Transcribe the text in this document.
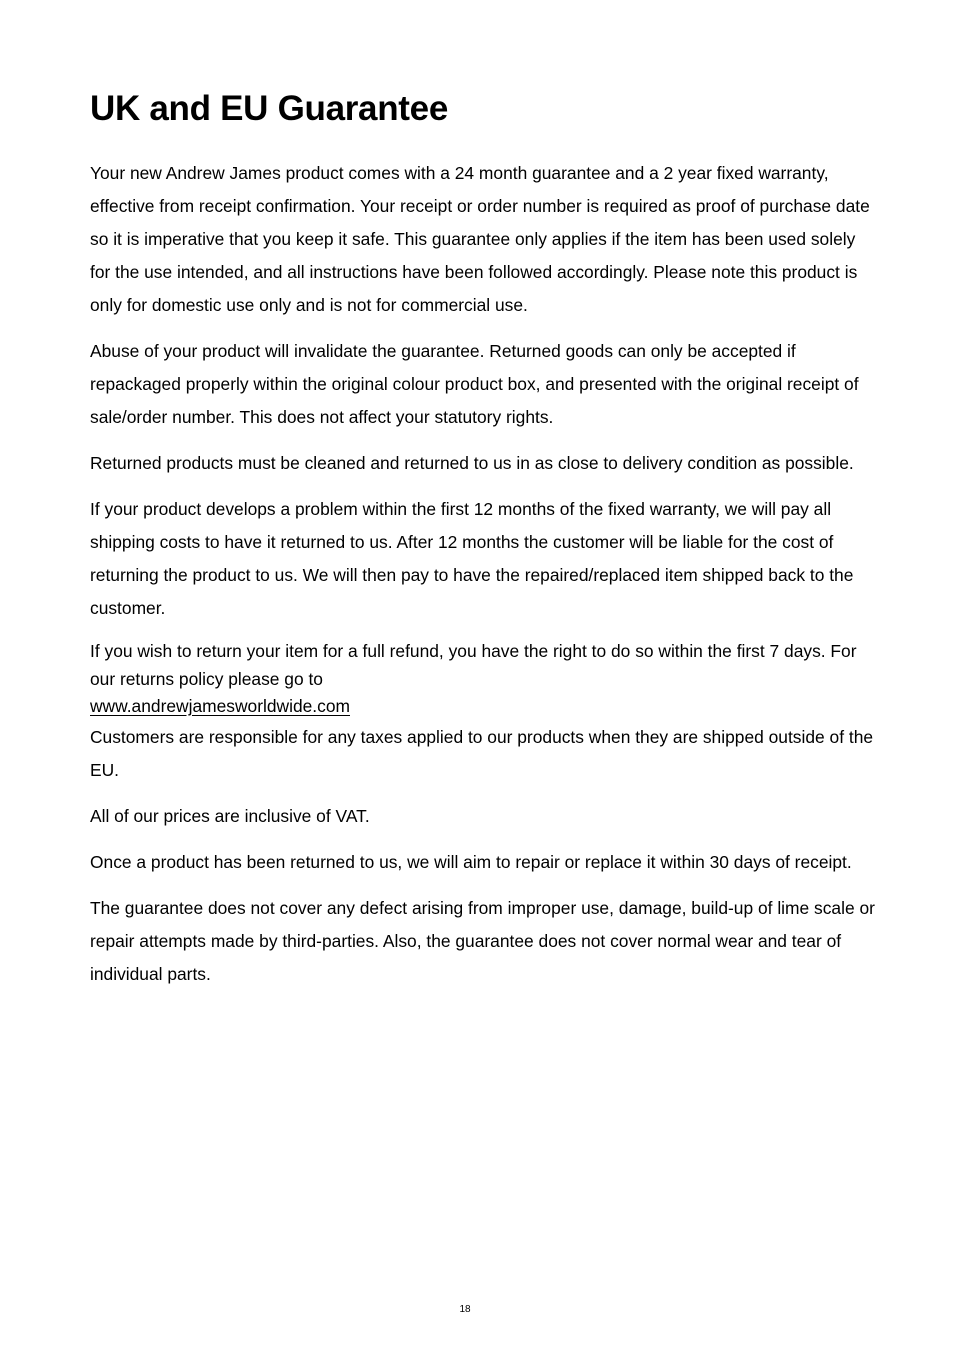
UK and EU Guarantee

Your new Andrew James product comes with a 24 month guarantee and a 2 year fixed warranty, effective from receipt confirmation. Your receipt or order number is required as proof of purchase date so it is imperative that you keep it safe. This guarantee only applies if the item has been used solely for the use intended, and all instructions have been followed accordingly. Please note this product is only for domestic use only and is not for commercial use.

Abuse of your product will invalidate the guarantee. Returned goods can only be accepted if repackaged properly within the original colour product box, and presented with the original receipt of sale/order number. This does not affect your statutory rights.

Returned products must be cleaned and returned to us in as close to delivery condition as possible.

If your product develops a problem within the first 12 months of the fixed warranty, we will pay all shipping costs to have it returned to us. After 12 months the customer will be liable for the cost of returning the product to us. We will then pay to have the repaired/replaced item shipped back to the customer.

If you wish to return your item for a full refund, you have the right to do so within the first 7 days. For our returns policy please go to
www.andrewjamesworldwide.com

Customers are responsible for any taxes applied to our products when they are shipped outside of the EU.

All of our prices are inclusive of VAT.

Once a product has been returned to us, we will aim to repair or replace it within 30 days of receipt.

The guarantee does not cover any defect arising from improper use, damage, build-up of lime scale or repair attempts made by third-parties. Also, the guarantee does not cover normal wear and tear of individual parts.

18
